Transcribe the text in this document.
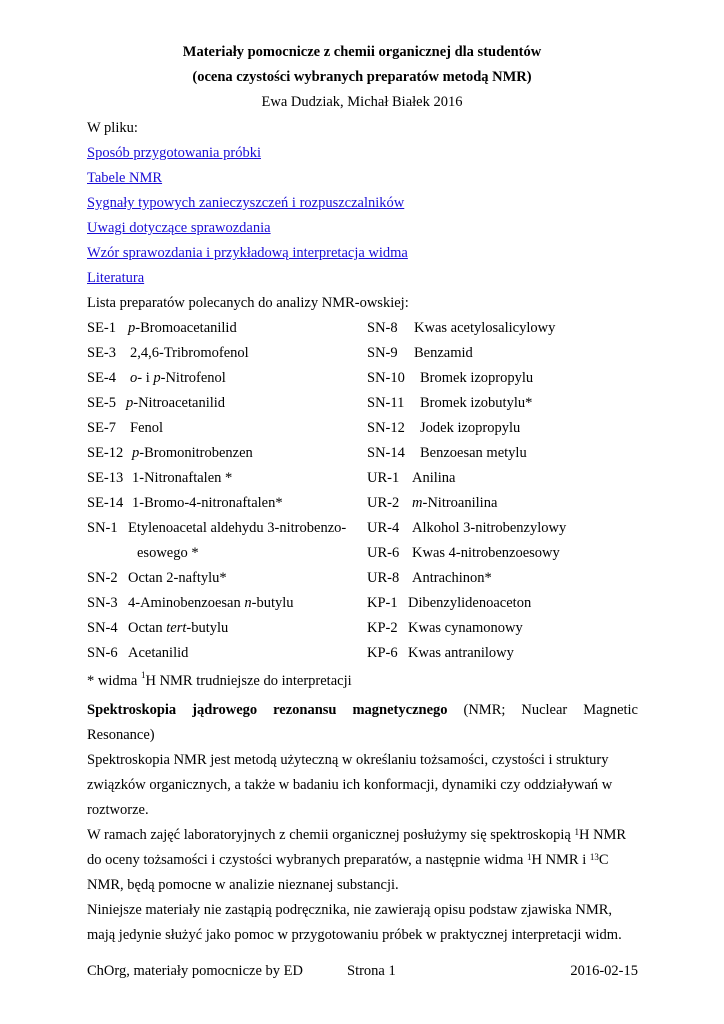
Materiały pomocnicze z chemii organicznej dla studentów
(ocena czystości wybranych preparatów metodą NMR)
Ewa Dudziak, Michał Białek 2016
W pliku:
Sposób przygotowania próbki
Tabele NMR
Sygnały typowych zanieczyszczeń i rozpuszczalników
Uwagi dotyczące sprawozdania
Wzór sprawozdania i przykładową interpretacja widma
Literatura
Lista preparatów polecanych do analizy NMR-owskiej:
SE-1 p-Bromoacetanilid	SN-8 Kwas acetylosalicylowy
SE-3 2,4,6-Tribromofenol	SN-9 Benzamid
SE-4 o- i p-Nitrofenol	SN-10 Bromek izopropylu
SE-5 p-Nitroacetanilid	SN-11 Bromek izobutylu*
SE-7 Fenol	SN-12 Jodek izopropylu
SE-12 p-Bromonitrobenzen	SN-14 Benzoesan metylu
SE-13 1-Nitronaftalen *	UR-1 Anilina
SE-14 1-Bromo-4-nitronaftalen*	UR-2 m-Nitroanilina
SN-1 Etylenoacetal aldehydu 3-nitrobenzo- UR-4 Alkohol 3-nitrobenzylowy
esowego *	UR-6 Kwas 4-nitrobenzoesowy
SN-2 Octan 2-naftylu*	UR-8 Antrachinon*
SN-3 4-Aminobenzoesan n-butylu	KP-1 Dibenzylidenoaceton
SN-4 Octan tert-butylu	KP-2 Kwas cynamonowy
SN-6 Acetanilid	KP-6 Kwas antranilowy
* widma $^1$H NMR trudniejsze do interpretacji
Spektroskopia jądrowego rezonansu magnetycznego (NMR; Nuclear Magnetic
Resonance)
Spektroskopia NMR jest metodą użyteczną w określaniu tożsamości, czystości i struktury
związków organicznych, a także w badaniu ich konformacji, dynamiki czy oddziaływań w
roztworze.
W ramach zajęć laboratoryjnych z chemii organicznej posłużymy się spektroskopią $^1$H NMR
do oceny tożsamości i czystości wybranych preparatów, a następnie widma $^1$H NMR i $^{13}$C
NMR, będą pomocne w analizie nieznanej substancji.
Niniejsze materiały nie zastąpią podręcznika, nie zawierają opisu podstaw zjawiska NMR,
mają jedynie służyć jako pomoc w przygotowaniu próbek w praktycznej interpretacji widm.
ChOrg, materiały pomocnicze by ED	Strona 1	2016-02-15
